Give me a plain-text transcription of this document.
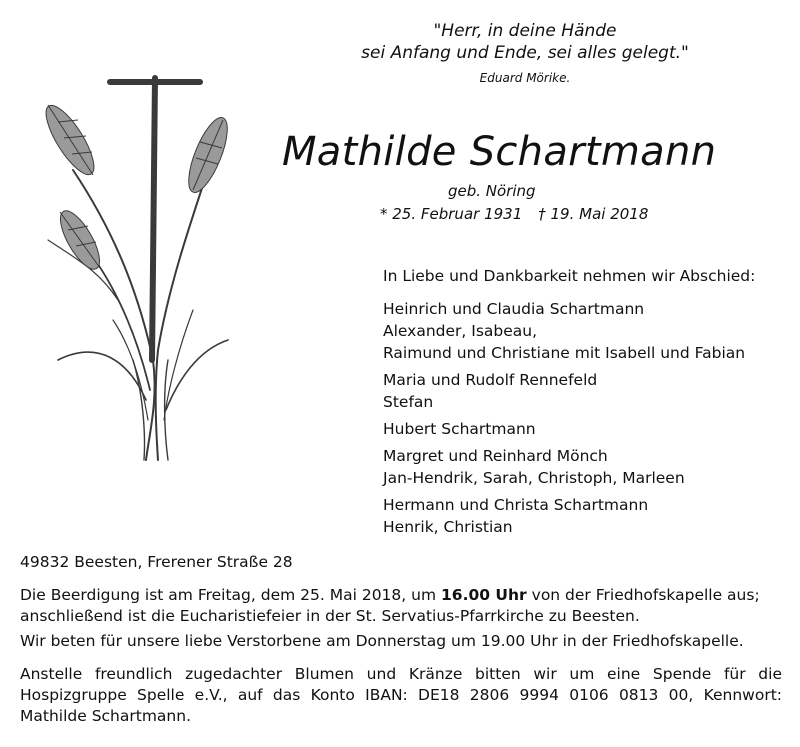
"Herr, in deine Hände
sei Anfang und Ende, sei alles gelegt."
Eduard Mörike.
Mathilde Schartmann
geb. Nöring
* 25. Februar 1931 † 19. Mai 2018
In Liebe und Dankbarkeit nehmen wir Abschied:
Heinrich und Claudia Schartmann
Alexander, Isabeau,
Raimund und Christiane mit Isabell und Fabian
Maria und Rudolf Rennefeld
Stefan
Hubert Schartmann
Margret und Reinhard Mönch
Jan-Hendrik, Sarah, Christoph, Marleen
Hermann und Christa Schartmann
Henrik, Christian
49832 Beesten, Frerener Straße 28
Die Beerdigung ist am Freitag, dem 25. Mai 2018, um 16.00 Uhr von der Friedhofskapelle aus;
anschließend ist die Eucharistiefeier in der St. Servatius-Pfarrkirche zu Beesten.
Wir beten für unsere liebe Verstorbene am Donnerstag um 19.00 Uhr in der Friedhofskapelle.
Anstelle freundlich zugedachter Blumen und Kränze bitten wir um eine Spende für die
Hospizgruppe Spelle e.V., auf das Konto IBAN: DE18 2806 9994 0106 0813 00, Kennwort:
Mathilde Schartmann.
